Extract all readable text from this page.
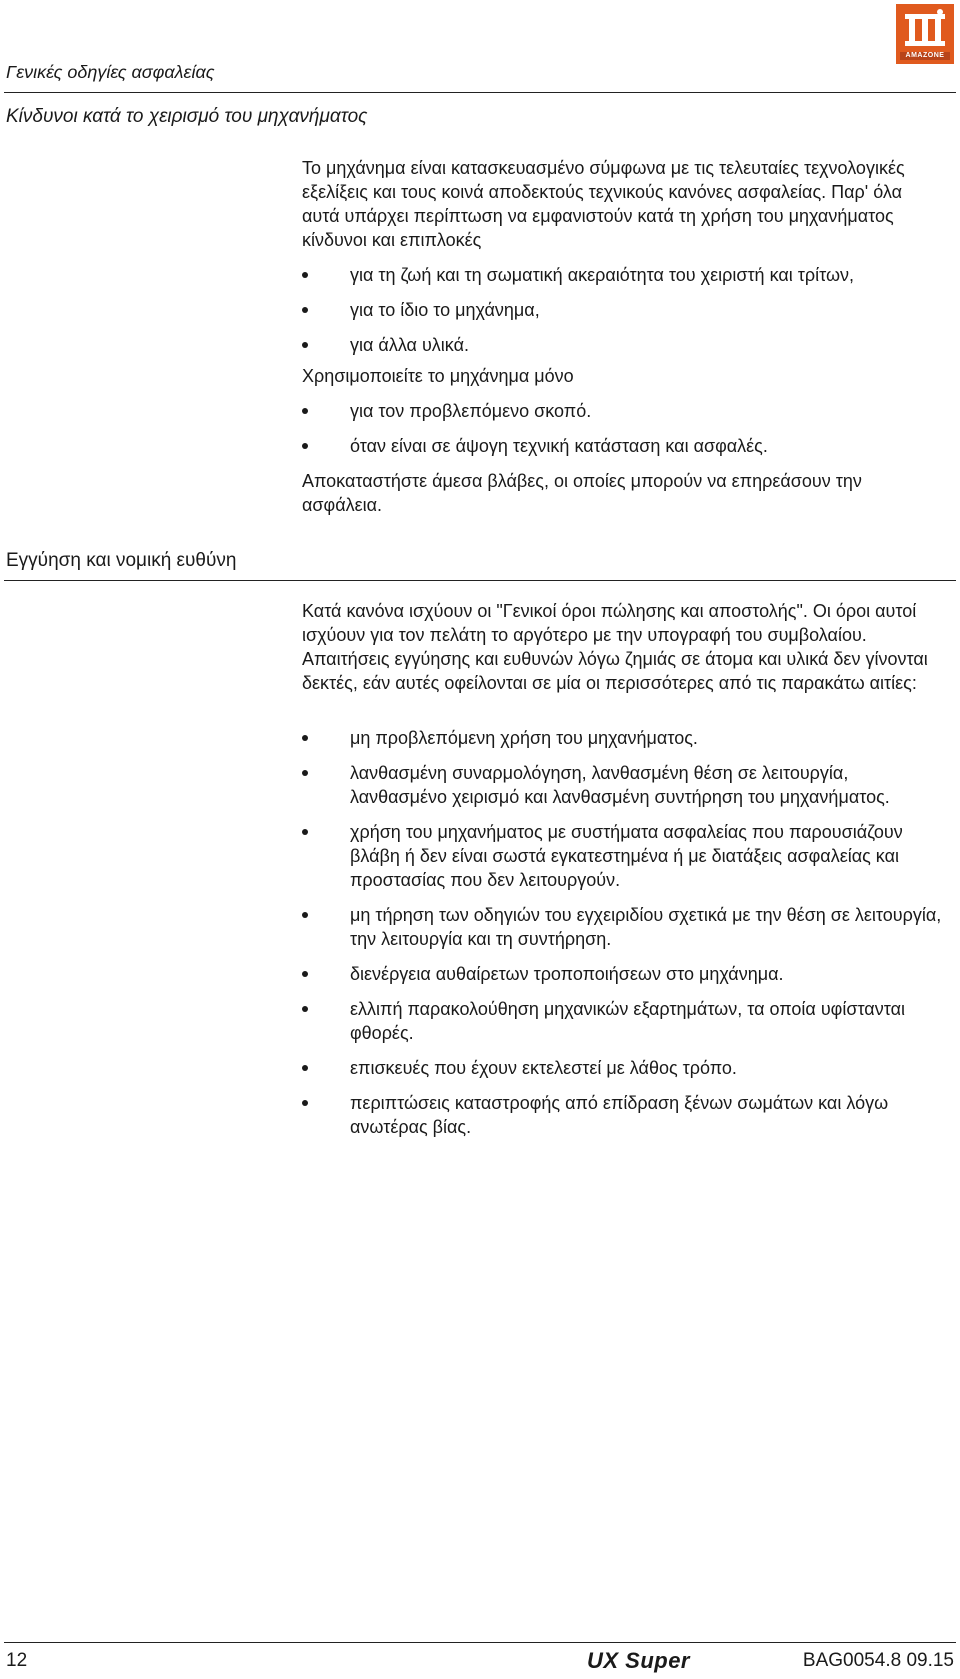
AMAZONE
Γενικές οδηγίες ασφαλείας
Κίνδυνοι κατά το χειρισμό του μηχανήματος

Το μηχάνημα είναι κατασκευασμένο σύμφωνα με τις τελευταίες τεχνολογικές εξελίξεις και τους κοινά αποδεκτούς τεχνικούς κανόνες ασφαλείας. Παρ' όλα αυτά υπάρχει περίπτωση να εμφανιστούν κατά τη χρήση του μηχανήματος κίνδυνοι και επιπλοκές

για τη ζωή και τη σωματική ακεραιότητα του χειριστή και τρίτων,
για το ίδιο το μηχάνημα,
για άλλα υλικά.

Χρησιμοποιείτε το μηχάνημα μόνο

για τον προβλεπόμενο σκοπό.
όταν είναι σε άψογη τεχνική κατάσταση και ασφαλές.

Αποκαταστήστε άμεσα βλάβες, οι οποίες μπορούν να επηρεάσουν την ασφάλεια.

Εγγύηση και νομική ευθύνη

Κατά κανόνα ισχύουν οι "Γενικοί όροι πώλησης και αποστολής". Οι όροι αυτοί ισχύουν για τον πελάτη το αργότερο με την υπογραφή του συμβολαίου. Απαιτήσεις εγγύησης και ευθυνών λόγω ζημιάς σε άτομα και υλικά δεν γίνονται δεκτές, εάν αυτές οφείλονται σε μία οι περισσότερες από τις παρακάτω αιτίες:

μη προβλεπόμενη χρήση του μηχανήματος.
λανθασμένη συναρμολόγηση, λανθασμένη θέση σε λειτουργία, λανθασμένο χειρισμό και λανθασμένη συντήρηση του μηχανήματος.
χρήση του μηχανήματος με συστήματα ασφαλείας που παρουσιάζουν βλάβη ή δεν είναι σωστά εγκατεστημένα ή με διατάξεις ασφαλείας και προστασίας που δεν λειτουργούν.
μη τήρηση των οδηγιών του εγχειριδίου σχετικά με την θέση σε λειτουργία, την λειτουργία και τη συντήρηση.
διενέργεια αυθαίρετων τροποποιήσεων στο μηχάνημα.
ελλιπή παρακολούθηση μηχανικών εξαρτημάτων, τα οποία υφίστανται φθορές.
επισκευές που έχουν εκτελεστεί με λάθος τρόπο.
περιπτώσεις καταστροφής από επίδραση ξένων σωμάτων και λόγω ανωτέρας βίας.
12	UX Super	BAG0054.8 09.15
